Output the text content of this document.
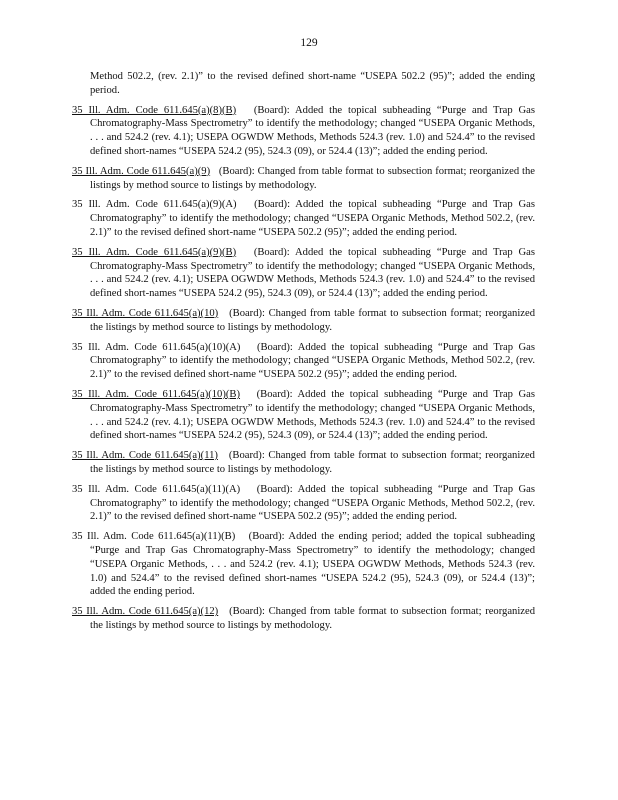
129

Method 502.2, (rev. 2.1)” to the revised defined short-name “USEPA 502.2 (95)”; added the ending period.

35 Ill. Adm. Code 611.645(a)(8)(B) (Board): Added the topical subheading “Purge and Trap Gas Chromatography-Mass Spectrometry” to identify the methodology; changed “USEPA Organic Methods, . . . and 524.2 (rev. 4.1); USEPA OGWDW Methods, Methods 524.3 (rev. 1.0) and 524.4” to the revised defined short-names “USEPA 524.2 (95), 524.3 (09), or 524.4 (13)”; added the ending period.

35 Ill. Adm. Code 611.645(a)(9) (Board): Changed from table format to subsection format; reorganized the listings by method source to listings by methodology.

35 Ill. Adm. Code 611.645(a)(9)(A) (Board): Added the topical subheading “Purge and Trap Gas Chromatography” to identify the methodology; changed “USEPA Organic Methods, Method 502.2, (rev. 2.1)” to the revised defined short-name “USEPA 502.2 (95)”; added the ending period.

35 Ill. Adm. Code 611.645(a)(9)(B) (Board): Added the topical subheading “Purge and Trap Gas Chromatography-Mass Spectrometry” to identify the methodology; changed “USEPA Organic Methods, . . . and 524.2 (rev. 4.1); USEPA OGWDW Methods, Methods 524.3 (rev. 1.0) and 524.4” to the revised defined short-names “USEPA 524.2 (95), 524.3 (09), or 524.4 (13)”; added the ending period.

35 Ill. Adm. Code 611.645(a)(10) (Board): Changed from table format to subsection format; reorganized the listings by method source to listings by methodology.

35 Ill. Adm. Code 611.645(a)(10)(A) (Board): Added the topical subheading “Purge and Trap Gas Chromatography” to identify the methodology; changed “USEPA Organic Methods, Method 502.2, (rev. 2.1)” to the revised defined short-name “USEPA 502.2 (95)”; added the ending period.

35 Ill. Adm. Code 611.645(a)(10)(B) (Board): Added the topical subheading “Purge and Trap Gas Chromatography-Mass Spectrometry” to identify the methodology; changed “USEPA Organic Methods, . . . and 524.2 (rev. 4.1); USEPA OGWDW Methods, Methods 524.3 (rev. 1.0) and 524.4” to the revised defined short-names “USEPA 524.2 (95), 524.3 (09), or 524.4 (13)”; added the ending period.

35 Ill. Adm. Code 611.645(a)(11) (Board): Changed from table format to subsection format; reorganized the listings by method source to listings by methodology.

35 Ill. Adm. Code 611.645(a)(11)(A) (Board): Added the topical subheading “Purge and Trap Gas Chromatography” to identify the methodology; changed “USEPA Organic Methods, Method 502.2, (rev. 2.1)” to the revised defined short-name “USEPA 502.2 (95)”; added the ending period.

35 Ill. Adm. Code 611.645(a)(11)(B) (Board): Added the ending period; added the topical subheading “Purge and Trap Gas Chromatography-Mass Spectrometry” to identify the methodology; changed “USEPA Organic Methods, . . . and 524.2 (rev. 4.1); USEPA OGWDW Methods, Methods 524.3 (rev. 1.0) and 524.4” to the revised defined short-names “USEPA 524.2 (95), 524.3 (09), or 524.4 (13)”; added the ending period.

35 Ill. Adm. Code 611.645(a)(12) (Board): Changed from table format to subsection format; reorganized the listings by method source to listings by methodology.
